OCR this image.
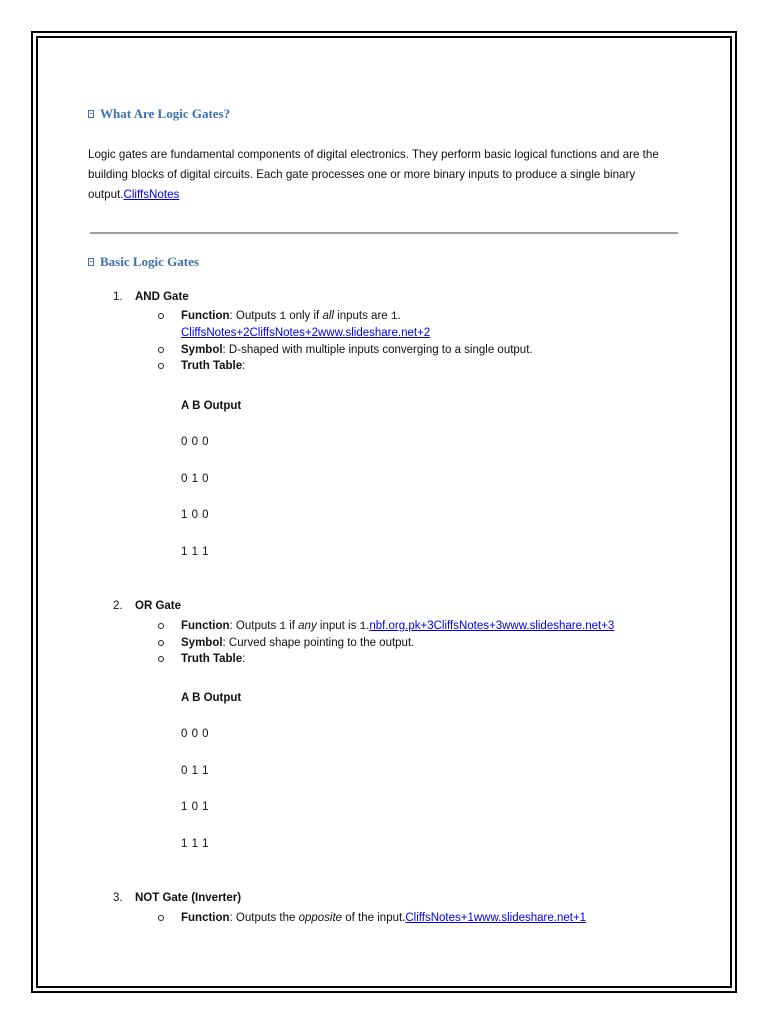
What Are Logic Gates?

Logic gates are fundamental components of digital electronics. They perform basic logical functions and are the building blocks of digital circuits. Each gate processes one or more binary inputs to produce a single binary output.CliffsNotes

Basic Logic Gates
1. AND Gate
Function: Outputs 1 only if all inputs are 1.
CliffsNotes+2CliffsNotes+2www.slideshare.net+2
Symbol: D-shaped with multiple inputs converging to a single output.
Truth Table:
A B Output
0 0 0
0 1 0
1 0 0
1 1 1
2. OR Gate
Function: Outputs 1 if any input is 1.nbf.org.pk+3CliffsNotes+3www.slideshare.net+3
Symbol: Curved shape pointing to the output.
Truth Table:
A B Output
0 0 0
0 1 1
1 0 1
1 1 1
3. NOT Gate (Inverter)
Function: Outputs the opposite of the input.CliffsNotes+1www.slideshare.net+1
